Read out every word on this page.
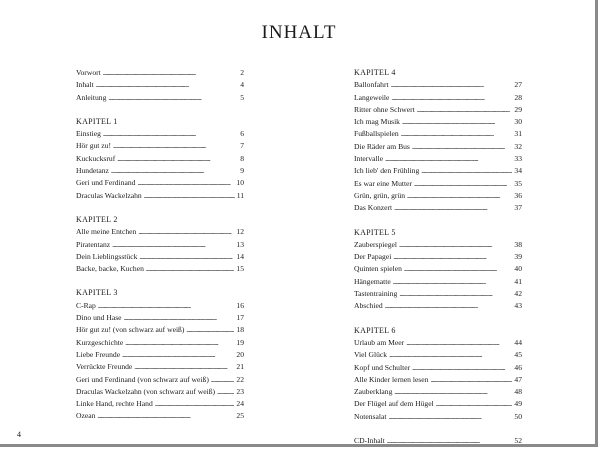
INHALT
Vorwort . . .	2
Inhalt . . .	4
Anleitung . . .	5
KAPITEL 1
Einstieg . . .	6
Hör gut zu! . . .	7
Kuckucksruf . . .	8
Hundetanz . . .	9
Geri und Ferdinand . . .	10
Draculas Wackelzahn . . .	11
KAPITEL 2
Alle meine Entchen . . .	12
Piratentanz . . .	13
Dein Lieblingsstück . . .	14
Backe, backe, Kuchen . . .	15
KAPITEL 3
C-Rap . . .	16
Dino und Hase . . .	17
Hör gut zu! (von schwarz auf weiß) . . .	18
Kurzgeschichte . . .	19
Liebe Freunde . . .	20
Verrückte Freunde . . .	21
Geri und Ferdinand (von schwarz auf weiß) . . .	22
Draculas Wackelzahn (von schwarz auf weiß) . . .	23
Linke Hand, rechte Hand . . .	24
Ozean . . .	25
KAPITEL 4
Ballonfahrt . . .	27
Langeweile . . .	28
Ritter ohne Schwert . . .	29
Ich mag Musik . . .	30
Fußballspielen . . .	31
Die Räder am Bus . . .	32
Intervalle . . .	33
Ich lieb' den Frühling . . .	34
Es war eine Mutter . . .	35
Grün, grün, grün . . .	36
Das Konzert . . .	37
KAPITEL 5
Zauberspiegel . . .	38
Der Papagei . . .	39
Quinten spielen . . .	40
Hängematte . . .	41
Tastentraining . . .	42
Abschied . . .	43
KAPITEL 6
Urlaub am Meer . . .	44
Viel Glück . . .	45
Kopf und Schulter . . .	46
Alle Kinder lernen lesen . . .	47
Zauberklang . . .	48
Der Flügel auf dem Hügel . . .	49
Notensalat . . .	50
CD-Inhalt . . .	52
4
